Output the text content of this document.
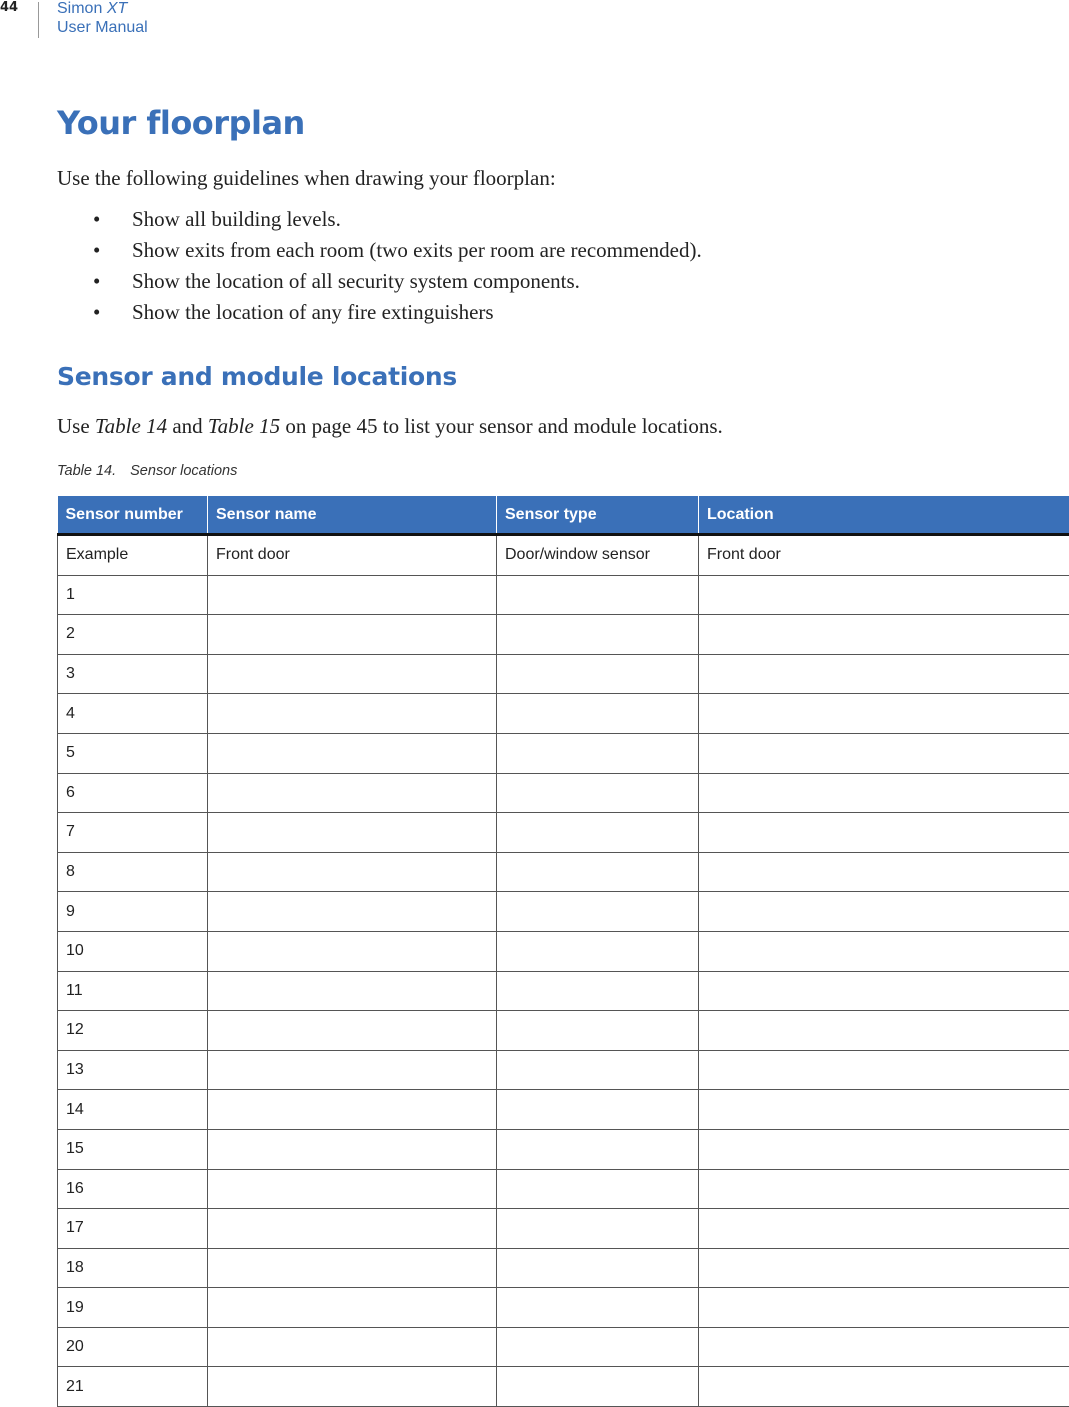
44 Simon XT
User Manual
Your floorplan

Use the following guidelines when drawing your floorplan:

• Show all building levels.
• Show exits from each room (two exits per room are recommended).
• Show the location of all security system components.
• Show the location of any fire extinguishers
Sensor and module locations

Use Table 14 and Table 15 on page 45 to list your sensor and module locations.

Table 14. Sensor locations
Sensor number	Sensor name	Sensor type	Location
Example	Front door	Door/window sensor	Front door
1			
2			
3			
4			
5			
6			
7			
8			
9			
10			
11			
12			
13			
14			
15			
16			
17			
18			
19			
20			
21			
